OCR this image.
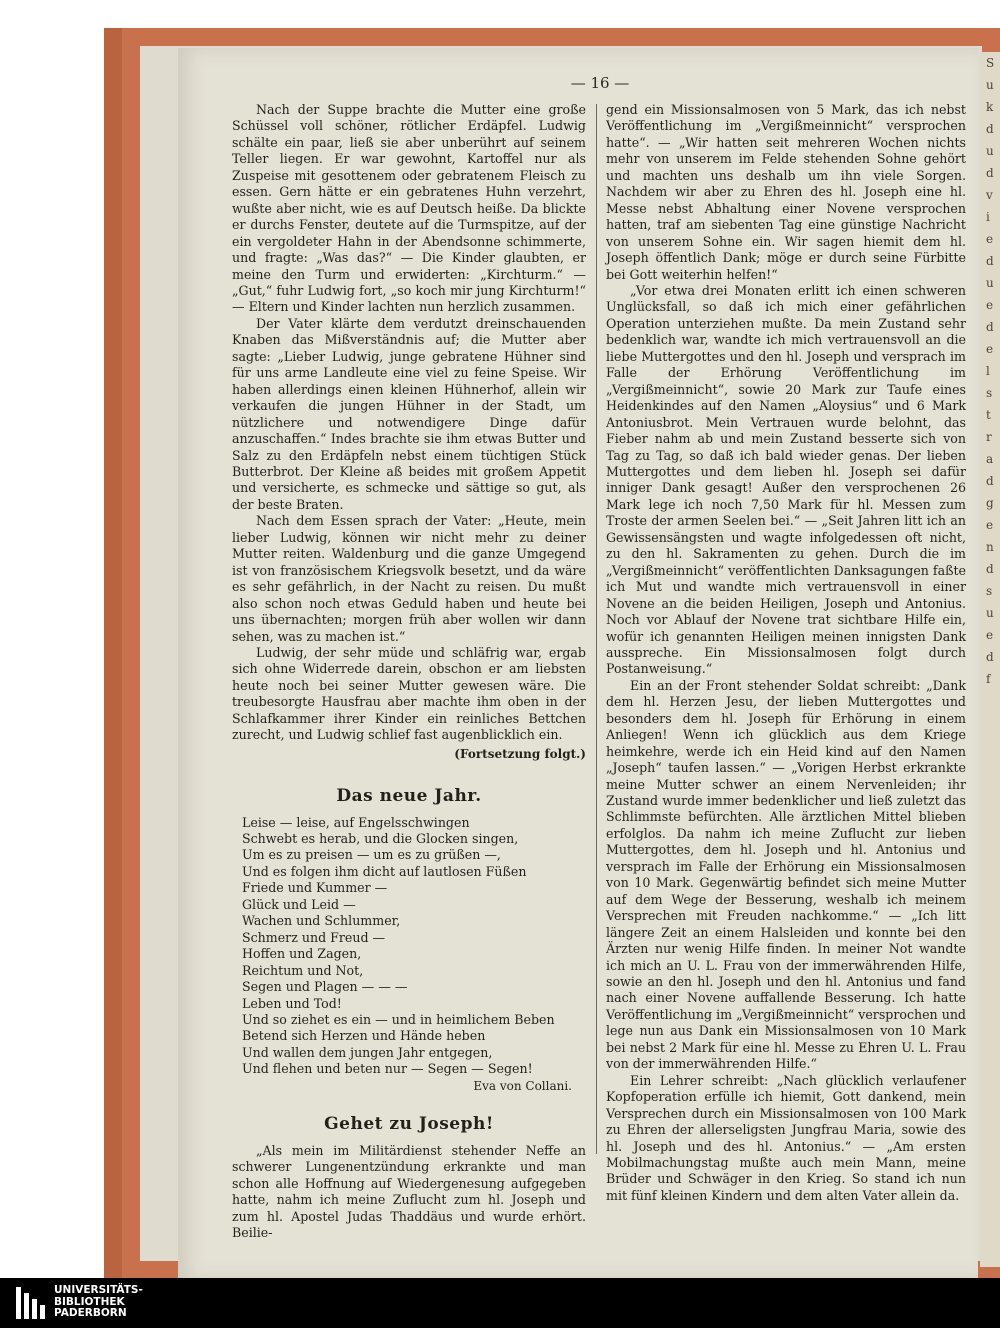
S
u
k
d
u
d
v
i
e
d
u
e
d
e
l
s
t
r
a
d
g
e
n
d
s
u
e
d
f
— 16 —

Nach der Suppe brachte die Mutter eine große Schüssel voll schöner, rötlicher Erdäpfel. Ludwig schälte ein paar, ließ sie aber unberührt auf seinem Teller liegen. Er war gewohnt, Kartoffel nur als Zuspeise mit gesottenem oder gebratenem Fleisch zu essen. Gern hätte er ein gebratenes Huhn verzehrt, wußte aber nicht, wie es auf Deutsch heiße. Da blickte er durchs Fenster, deutete auf die Turmspitze, auf der ein vergoldeter Hahn in der Abendsonne schimmerte, und fragte: „Was das?“ — Die Kinder glaubten, er meine den Turm und erwiderten: „Kirchturm.“ — „Gut,“ fuhr Ludwig fort, „so koch mir jung Kirchturm!“ — Eltern und Kinder lachten nun herzlich zusammen.

Der Vater klärte dem verdutzt dreinschauenden Knaben das Mißverständnis auf; die Mutter aber sagte: „Lieber Ludwig, junge gebratene Hühner sind für uns arme Landleute eine viel zu feine Speise. Wir haben allerdings einen kleinen Hühnerhof, allein wir verkaufen die jungen Hühner in der Stadt, um nützlichere und notwendigere Dinge dafür anzuschaffen.“ Indes brachte sie ihm etwas Butter und Salz zu den Erdäpfeln nebst einem tüchtigen Stück Butterbrot. Der Kleine aß beides mit großem Appetit und versicherte, es schmecke und sättige so gut, als der beste Braten.

Nach dem Essen sprach der Vater: „Heute, mein lieber Ludwig, können wir nicht mehr zu deiner Mutter reiten. Waldenburg und die ganze Umgegend ist von französischem Kriegsvolk besetzt, und da wäre es sehr gefährlich, in der Nacht zu reisen. Du mußt also schon noch etwas Geduld haben und heute bei uns übernachten; morgen früh aber wollen wir dann sehen, was zu machen ist.“

Ludwig, der sehr müde und schläfrig war, ergab sich ohne Widerrede darein, obschon er am liebsten heute noch bei seiner Mutter gewesen wäre. Die treubesorgte Hausfrau aber machte ihm oben in der Schlafkammer ihrer Kinder ein reinliches Bettchen zurecht, und Ludwig schlief fast augenblicklich ein.

(Fortsetzung folgt.)
Das neue Jahr.
Leise — leise, auf Engelsschwingen
Schwebt es herab, und die Glocken singen,
Um es zu preisen — um es zu grüßen —,
Und es folgen ihm dicht auf lautlosen Füßen
Friede und Kummer —
Glück und Leid —
Wachen und Schlummer,
Schmerz und Freud —
Hoffen und Zagen,
Reichtum und Not,
Segen und Plagen — — —
Leben und Tod!
Und so ziehet es ein — und in heimlichem Beben
Betend sich Herzen und Hände heben
Und wallen dem jungen Jahr entgegen,
Und flehen und beten nur — Segen — Segen!
Eva von Collani.
Gehet zu Joseph!

„Als mein im Militärdienst stehender Neffe an schwerer Lungenentzündung erkrankte und man schon alle Hoffnung auf Wiedergenesung aufgegeben hatte, nahm ich meine Zuflucht zum hl. Joseph und zum hl. Apostel Judas Thaddäus und wurde erhört. Beilie-

gend ein Missionsalmosen von 5 Mark, das ich nebst Veröffentlichung im „Vergißmeinnicht“ versprochen hatte“. — „Wir hatten seit mehreren Wochen nichts mehr von unserem im Felde stehenden Sohne gehört und machten uns deshalb um ihn viele Sorgen. Nachdem wir aber zu Ehren des hl. Joseph eine hl. Messe nebst Abhaltung einer Novene versprochen hatten, traf am siebenten Tag eine günstige Nachricht von unserem Sohne ein. Wir sagen hiemit dem hl. Joseph öffentlich Dank; möge er durch seine Fürbitte bei Gott weiterhin helfen!“

„Vor etwa drei Monaten erlitt ich einen schweren Unglücksfall, so daß ich mich einer gefährlichen Operation unterziehen mußte. Da mein Zustand sehr bedenklich war, wandte ich mich vertrauensvoll an die liebe Muttergottes und den hl. Joseph und versprach im Falle der Erhörung Veröffentlichung im „Vergißmeinnicht“, sowie 20 Mark zur Taufe eines Heidenkindes auf den Namen „Aloysius“ und 6 Mark Antoniusbrot. Mein Vertrauen wurde belohnt, das Fieber nahm ab und mein Zustand besserte sich von Tag zu Tag, so daß ich bald wieder genas. Der lieben Muttergottes und dem lieben hl. Joseph sei dafür inniger Dank gesagt! Außer den versprochenen 26 Mark lege ich noch 7,50 Mark für hl. Messen zum Troste der armen Seelen bei.“ — „Seit Jahren litt ich an Gewissensängsten und wagte infolgedessen oft nicht, zu den hl. Sakramenten zu gehen. Durch die im „Vergißmeinnicht“ veröffentlichten Danksagungen faßte ich Mut und wandte mich vertrauensvoll in einer Novene an die beiden Heiligen, Joseph und Antonius. Noch vor Ablauf der Novene trat sichtbare Hilfe ein, wofür ich genannten Heiligen meinen innigsten Dank ausspreche. Ein Missionsalmosen folgt durch Postanweisung.“

Ein an der Front stehender Soldat schreibt: „Dank dem hl. Herzen Jesu, der lieben Muttergottes und besonders dem hl. Joseph für Erhörung in einem Anliegen! Wenn ich glücklich aus dem Kriege heimkehre, werde ich ein Heid kind auf den Namen „Joseph“ taufen lassen.“ — „Vorigen Herbst erkrankte meine Mutter schwer an einem Nervenleiden; ihr Zustand wurde immer bedenklicher und ließ zuletzt das Schlimmste befürchten. Alle ärztlichen Mittel blieben erfolglos. Da nahm ich meine Zuflucht zur lieben Muttergottes, dem hl. Joseph und hl. Antonius und versprach im Falle der Erhörung ein Missionsalmosen von 10 Mark. Gegenwärtig befindet sich meine Mutter auf dem Wege der Besserung, weshalb ich meinem Versprechen mit Freuden nachkomme.“ — „Ich litt längere Zeit an einem Halsleiden und konnte bei den Ärzten nur wenig Hilfe finden. In meiner Not wandte ich mich an U. L. Frau von der immerwährenden Hilfe, sowie an den hl. Joseph und den hl. Antonius und fand nach einer Novene auffallende Besserung. Ich hatte Veröffentlichung im „Vergißmeinnicht“ versprochen und lege nun aus Dank ein Missionsalmosen von 10 Mark bei nebst 2 Mark für eine hl. Messe zu Ehren U. L. Frau von der immerwährenden Hilfe.“

Ein Lehrer schreibt: „Nach glücklich verlaufener Kopfoperation erfülle ich hiemit, Gott dankend, mein Versprechen durch ein Missionsalmosen von 100 Mark zu Ehren der allerseligsten Jungfrau Maria, sowie des hl. Joseph und des hl. Antonius.“ — „Am ersten Mobilmachungstag mußte auch mein Mann, meine Brüder und Schwäger in den Krieg. So stand ich nun mit fünf kleinen Kindern und dem alten Vater allein da.

UNIVERSITÄTS-
BIBLIOTHEK
PADERBORN
